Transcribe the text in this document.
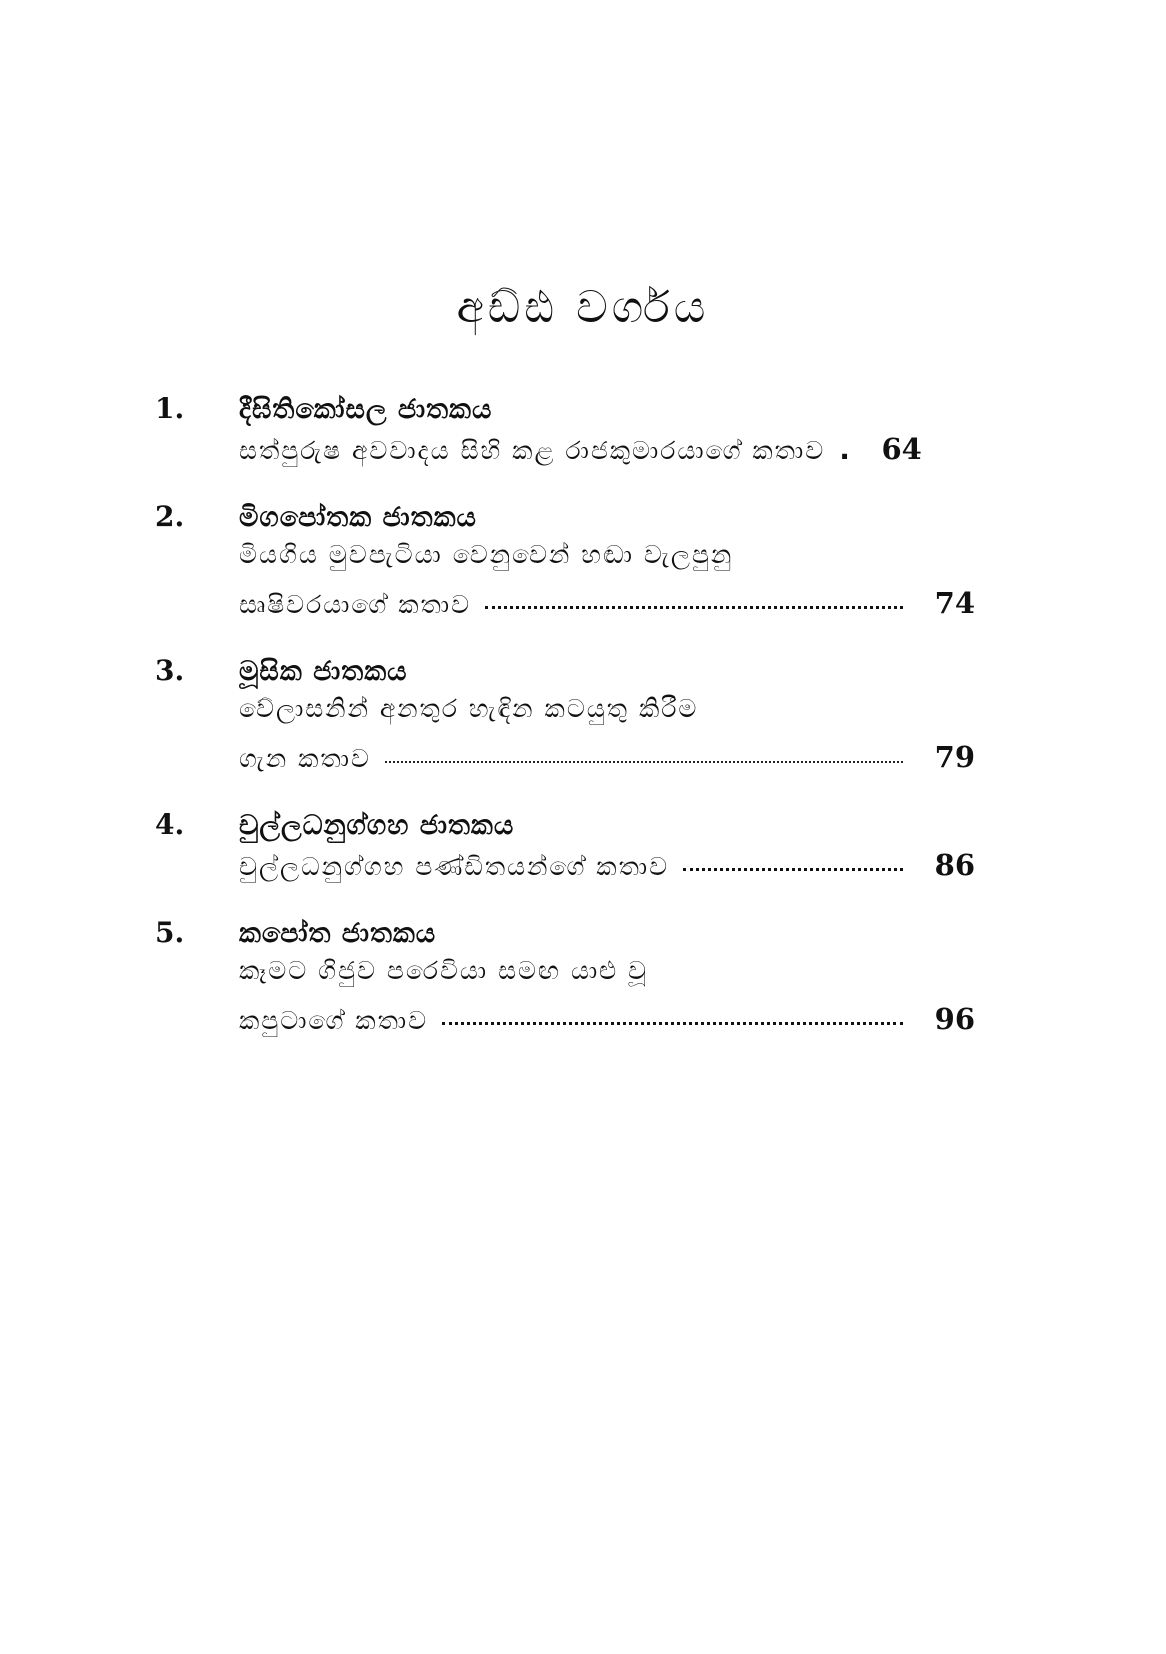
අඩ්ඪ වර්ගය
1.	දීඝිතිකෝසල ජාතකය
සත්පුරුෂ අවවාදය සිහි කළ රාජකුමාරයාගේ කතාව .	64
2.	මිගපෝතක ජාතකය
මියගිය මුවපැටියා වෙනුවෙන් හඬා වැලපුනු
සෘෂිවරයාගේ කතාව	74
3.	මූසික ජාතකය
වේලාසනින් අනතුර හැඳින කටයුතු කිරීම
ගැන කතාව	79
4.	චුල්ලධනුග්ගහ ජාතකය
චුල්ලධනුග්ගහ පණ්ඩිතයන්ගේ කතාව	86
5.	කපෝත ජාතකය
කෑමට ගිජුව පරෙවියා සමඟ යාළු වූ
කපුටාගේ කතාව	96
